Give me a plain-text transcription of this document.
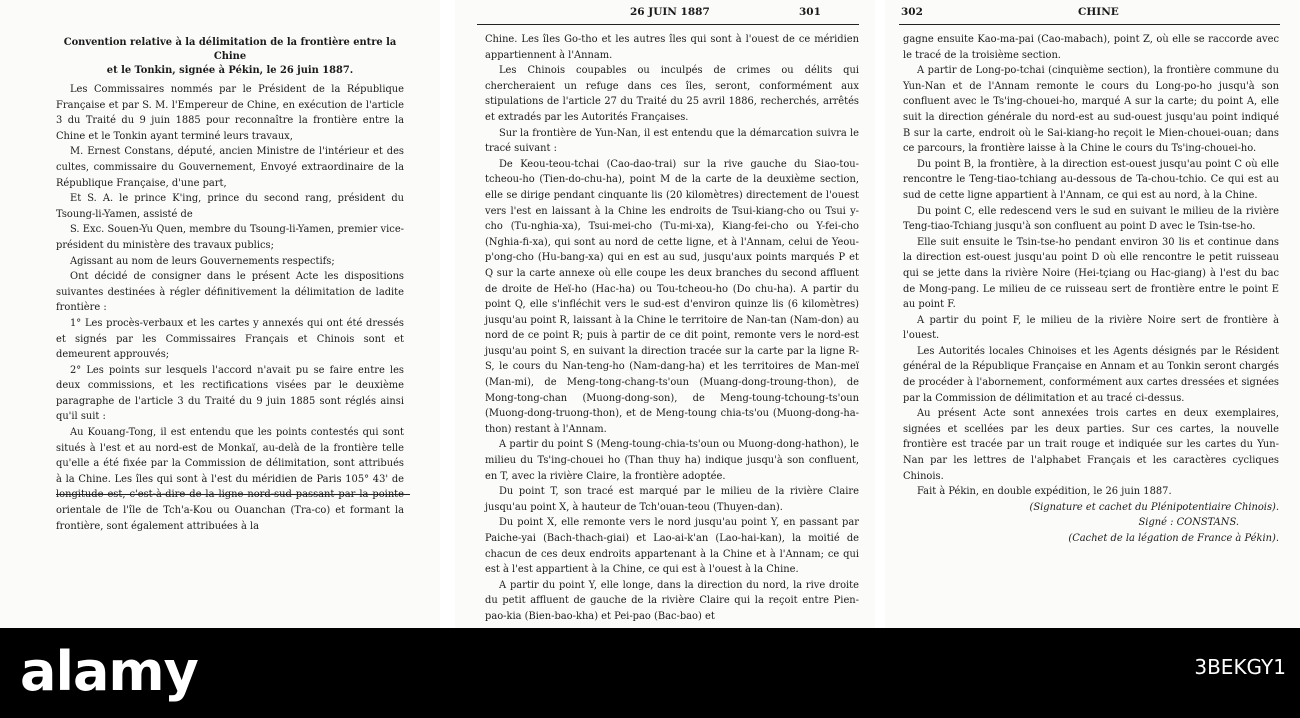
Convention relative à la délimitation de la frontière entre la Chine
et le Tonkin, signée à Pékin, le 26 juin 1887.

Les Commissaires nommés par le Président de la République Française et par S. M. l'Empereur de Chine, en exécution de l'article 3 du Traité du 9 juin 1885 pour reconnaître la frontière entre la Chine et le Tonkin ayant terminé leurs travaux,

M. Ernest Constans, député, ancien Ministre de l'intérieur et des cultes, commissaire du Gouvernement, Envoyé extraordinaire de la République Française, d'une part,

Et S. A. le prince K'ing, prince du second rang, président du Tsoung-li-Yamen, assisté de

S. Exc. Souen-Yu Quen, membre du Tsoung-li-Yamen, premier vice-président du ministère des travaux publics;

Agissant au nom de leurs Gouvernements respectifs;

Ont décidé de consigner dans le présent Acte les dispositions suivantes destinées à régler définitivement la délimitation de ladite frontière :

1° Les procès-verbaux et les cartes y annexés qui ont été dressés et signés par les Commissaires Français et Chinois sont et demeurent approuvés;

2° Les points sur lesquels l'accord n'avait pu se faire entre les deux commissions, et les rectifications visées par le deuxième paragraphe de l'article 3 du Traité du 9 juin 1885 sont réglés ainsi qu'il suit :

Au Kouang-Tong, il est entendu que les points contestés qui sont situés à l'est et au nord-est de Monkaï, au-delà de la frontière telle qu'elle a été fixée par la Commission de délimitation, sont attribués à la Chine. Les îles qui sont à l'est du méridien de Paris 105° 43' de longitude est, c'est-à-dire de la ligne nord-sud passant par la pointe orientale de l'île de Tch'a-Kou ou Ouanchan (Tra-co) et formant la frontière, sont également attribuées à la

26 JUIN 1887	301

Chine. Les îles Go-tho et les autres îles qui sont à l'ouest de ce méridien appartiennent à l'Annam.

Les Chinois coupables ou inculpés de crimes ou délits qui chercheraient un refuge dans ces îles, seront, conformément aux stipulations de l'article 27 du Traité du 25 avril 1886, recherchés, arrêtés et extradés par les Autorités Françaises.

Sur la frontière de Yun-Nan, il est entendu que la démarcation suivra le tracé suivant :

De Keou-teou-tchai (Cao-dao-trai) sur la rive gauche du Siao-tou-tcheou-ho (Tien-do-chu-ha), point M de la carte de la deuxième section, elle se dirige pendant cinquante lis (20 kilomètres) directement de l'ouest vers l'est en laissant à la Chine les endroits de Tsui-kiang-cho ou Tsui y-cho (Tu-nghia-xa), Tsui-mei-cho (Tu-mi-xa), Kiang-fei-cho ou Y-fei-cho (Nghia-fi-xa), qui sont au nord de cette ligne, et à l'Annam, celui de Yeou-p'ong-cho (Hu-bang-xa) qui en est au sud, jusqu'aux points marqués P et Q sur la carte annexe où elle coupe les deux branches du second affluent de droite de Heï-ho (Hac-ha) ou Tou-tcheou-ho (Do chu-ha). A partir du point Q, elle s'infléchit vers le sud-est d'environ quinze lis (6 kilomètres) jusqu'au point R, laissant à la Chine le territoire de Nan-tan (Nam-don) au nord de ce point R; puis à partir de ce dit point, remonte vers le nord-est jusqu'au point S, en suivant la direction tracée sur la carte par la ligne R-S, le cours du Nan-teng-ho (Nam-dang-ha) et les territoires de Man-meï (Man-mi), de Meng-tong-chang-ts'oun (Muang-dong-troung-thon), de Mong-tong-chan (Muong-dong-son), de Meng-toung-tchoung-ts'oun (Muong-dong-truong-thon), et de Meng-toung chia-ts'ou (Muong-dong-ha-thon) restant à l'Annam.

A partir du point S (Meng-toung-chia-ts'oun ou Muong-dong-hathon), le milieu du Ts'ing-chouei ho (Than thuy ha) indique jusqu'à son confluent, en T, avec la rivière Claire, la frontière adoptée.

Du point T, son tracé est marqué par le milieu de la rivière Claire jusqu'au point X, à hauteur de Tch'ouan-teou (Thuyen-dan).

Du point X, elle remonte vers le nord jusqu'au point Y, en passant par Paiche-yai (Bach-thach-giai) et Lao-ai-k'an (Lao-hai-kan), la moitié de chacun de ces deux endroits appartenant à la Chine et à l'Annam; ce qui est à l'est appartient à la Chine, ce qui est à l'ouest à la Chine.

A partir du point Y, elle longe, dans la direction du nord, la rive droite du petit affluent de gauche de la rivière Claire qui la reçoit entre Pien-pao-kia (Bien-bao-kha) et Pei-pao (Bac-bao) et

302	CHINE

gagne ensuite Kao-ma-pai (Cao-mabach), point Z, où elle se raccorde avec le tracé de la troisième section.

A partir de Long-po-tchai (cinquième section), la frontière commune du Yun-Nan et de l'Annam remonte le cours du Long-po-ho jusqu'à son confluent avec le Ts'ing-chouei-ho, marqué A sur la carte; du point A, elle suit la direction générale du nord-est au sud-ouest jusqu'au point indiqué B sur la carte, endroit où le Sai-kiang-ho reçoit le Mien-chouei-ouan; dans ce parcours, la frontière laisse à la Chine le cours du Ts'ing-chouei-ho.

Du point B, la frontière, à la direction est-ouest jusqu'au point C où elle rencontre le Teng-tiao-tchiang au-dessous de Ta-chou-tchio. Ce qui est au sud de cette ligne appartient à l'Annam, ce qui est au nord, à la Chine.

Du point C, elle redescend vers le sud en suivant le milieu de la rivière Teng-tiao-Tchiang jusqu'à son confluent au point D avec le Tsin-tse-ho.

Elle suit ensuite le Tsin-tse-ho pendant environ 30 lis et continue dans la direction est-ouest jusqu'au point D où elle rencontre le petit ruisseau qui se jette dans la rivière Noire (Hei-tçiang ou Hac-giang) à l'est du bac de Mong-pang. Le milieu de ce ruisseau sert de frontière entre le point E au point F.

A partir du point F, le milieu de la rivière Noire sert de frontière à l'ouest.

Les Autorités locales Chinoises et les Agents désignés par le Résident général de la République Française en Annam et au Tonkin seront chargés de procéder à l'abornement, conformément aux cartes dressées et signées par la Commission de délimitation et au tracé ci-dessus.

Au présent Acte sont annexées trois cartes en deux exemplaires, signées et scellées par les deux parties. Sur ces cartes, la nouvelle frontière est tracée par un trait rouge et indiquée sur les cartes du Yun-Nan par les lettres de l'alphabet Français et les caractères cycliques Chinois.

Fait à Pékin, en double expédition, le 26 juin 1887.

(Signature et cachet du Plénipotentiaire Chinois).

Signé : CONSTANS.

(Cachet de la légation de France à Pékin).

alamy	3BEKGY1
